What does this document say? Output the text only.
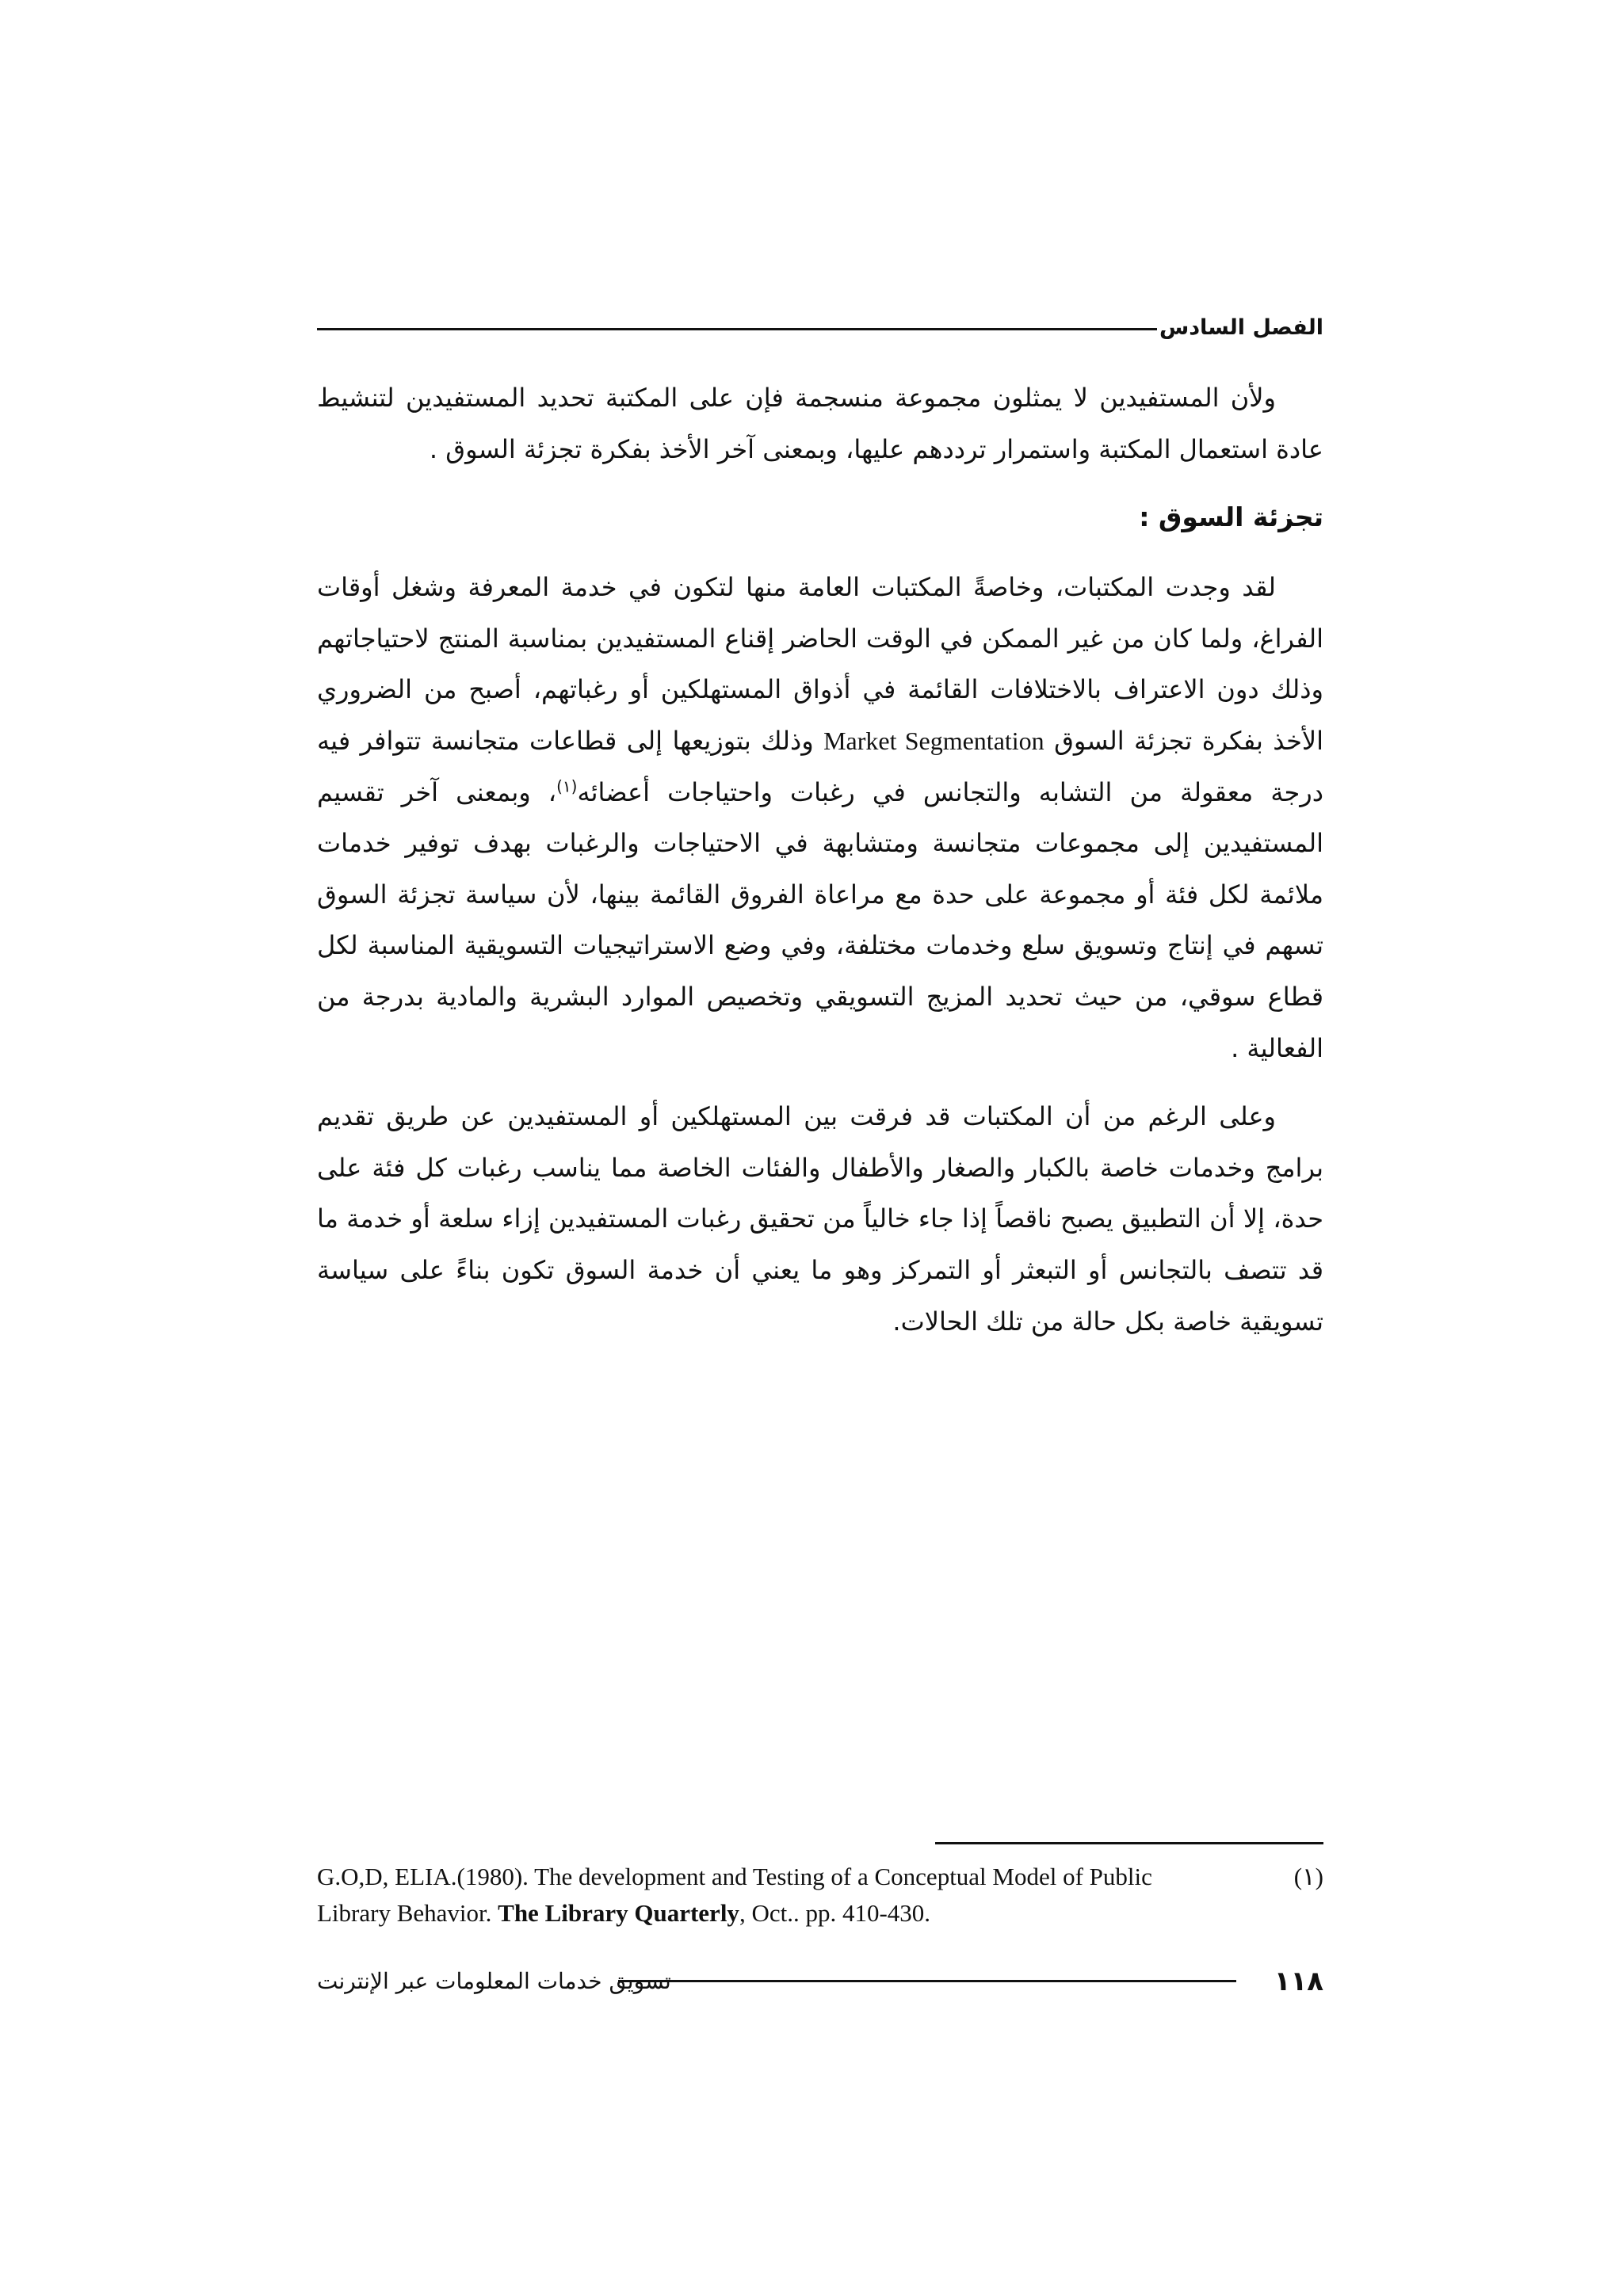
الفصل السادس

ولأن المستفيدين لا يمثلون مجموعة منسجمة فإن على المكتبة تحديد المستفيدين لتنشيط عادة استعمال المكتبة واستمرار ترددهم عليها، وبمعنى آخر الأخذ بفكرة تجزئة السوق .

تجزئة السوق :

لقد وجدت المكتبات، وخاصةً المكتبات العامة منها لتكون في خدمة المعرفة وشغل أوقات الفراغ، ولما كان من غير الممكن في الوقت الحاضر إقناع المستفيدين بمناسبة المنتج لاحتياجاتهم وذلك دون الاعتراف بالاختلافات القائمة في أذواق المستهلكين أو رغباتهم، أصبح من الضروري الأخذ بفكرة تجزئة السوق Market Segmentation وذلك بتوزيعها إلى قطاعات متجانسة تتوافر فيه درجة معقولة من التشابه والتجانس في رغبات واحتياجات أعضائه$^{(١)}$، وبمعنى آخر تقسيم المستفيدين إلى مجموعات متجانسة ومتشابهة في الاحتياجات والرغبات بهدف توفير خدمات ملائمة لكل فئة أو مجموعة على حدة مع مراعاة الفروق القائمة بينها، لأن سياسة تجزئة السوق تسهم في إنتاج وتسويق سلع وخدمات مختلفة، وفي وضع الاستراتيجيات التسويقية المناسبة لكل قطاع سوقي، من حيث تحديد المزيج التسويقي وتخصيص الموارد البشرية والمادية بدرجة من الفعالية .

وعلى الرغم من أن المكتبات قد فرقت بين المستهلكين أو المستفيدين عن طريق تقديم برامج وخدمات خاصة بالكبار والصغار والأطفال والفئات الخاصة مما يناسب رغبات كل فئة على حدة، إلا أن التطبيق يصبح ناقصاً إذا جاء خالياً من تحقيق رغبات المستفيدين إزاء سلعة أو خدمة ما قد تتصف بالتجانس أو التبعثر أو التمركز وهو ما يعني أن خدمة السوق تكون بناءً على سياسة تسويقية خاصة بكل حالة من تلك الحالات.

G.O,D, ELIA.(1980). The development and Testing of a Conceptual Model of Public	(١)
Library Behavior. The Library Quarterly, Oct.. pp. 410-430.
تسويق خدمات المعلومات عبر الإنترنت	١١٨
